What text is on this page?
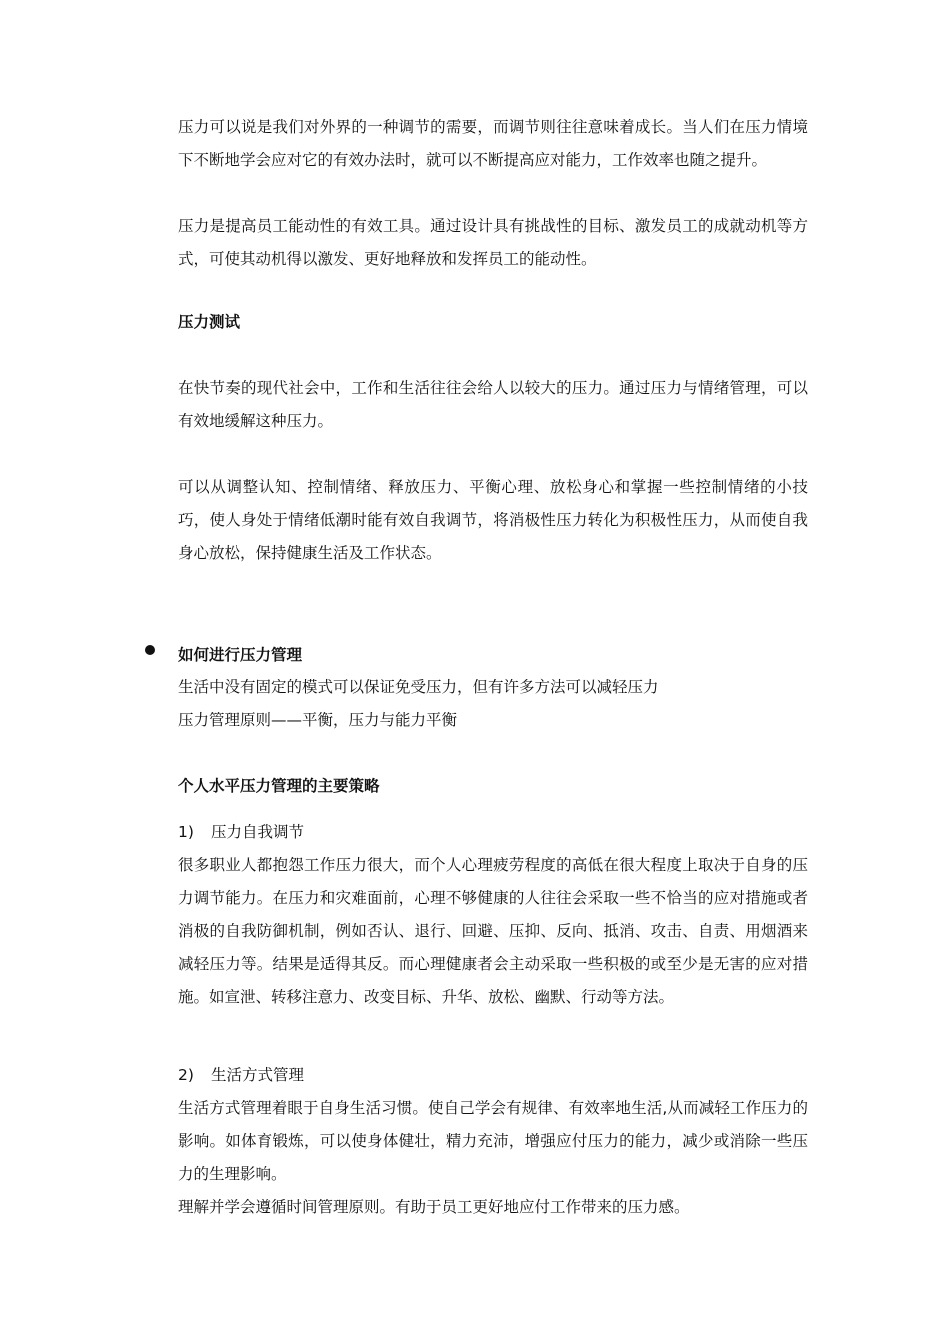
压力可以说是我们对外界的一种调节的需要，而调节则往往意味着成长。当人们在压力情境下不断地学会应对它的有效办法时，就可以不断提高应对能力，工作效率也随之提升。

压力是提高员工能动性的有效工具。通过设计具有挑战性的目标、激发员工的成就动机等方式，可使其动机得以激发、更好地释放和发挥员工的能动性。

压力测试

在快节奏的现代社会中，工作和生活往往会给人以较大的压力。通过压力与情绪管理，可以有效地缓解这种压力。

可以从调整认知、控制情绪、释放压力、平衡心理、放松身心和掌握一些控制情绪的小技巧，使人身处于情绪低潮时能有效自我调节，将消极性压力转化为积极性压力，从而使自我身心放松，保持健康生活及工作状态。

如何进行压力管理

生活中没有固定的模式可以保证免受压力，但有许多方法可以减轻压力

压力管理原则——平衡，压力与能力平衡

个人水平压力管理的主要策略

1) 压力自我调节

很多职业人都抱怨工作压力很大，而个人心理疲劳程度的高低在很大程度上取决于自身的压力调节能力。在压力和灾难面前，心理不够健康的人往往会采取一些不恰当的应对措施或者消极的自我防御机制，例如否认、退行、回避、压抑、反向、抵消、攻击、自责、用烟酒来减轻压力等。结果是适得其反。而心理健康者会主动采取一些积极的或至少是无害的应对措施。如宣泄、转移注意力、改变目标、升华、放松、幽默、行动等方法。

2) 生活方式管理

生活方式管理着眼于自身生活习惯。使自己学会有规律、有效率地生活,从而减轻工作压力的影响。如体育锻炼，可以使身体健壮，精力充沛，增强应付压力的能力，减少或消除一些压力的生理影响。

理解并学会遵循时间管理原则。有助于员工更好地应付工作带来的压力感。
